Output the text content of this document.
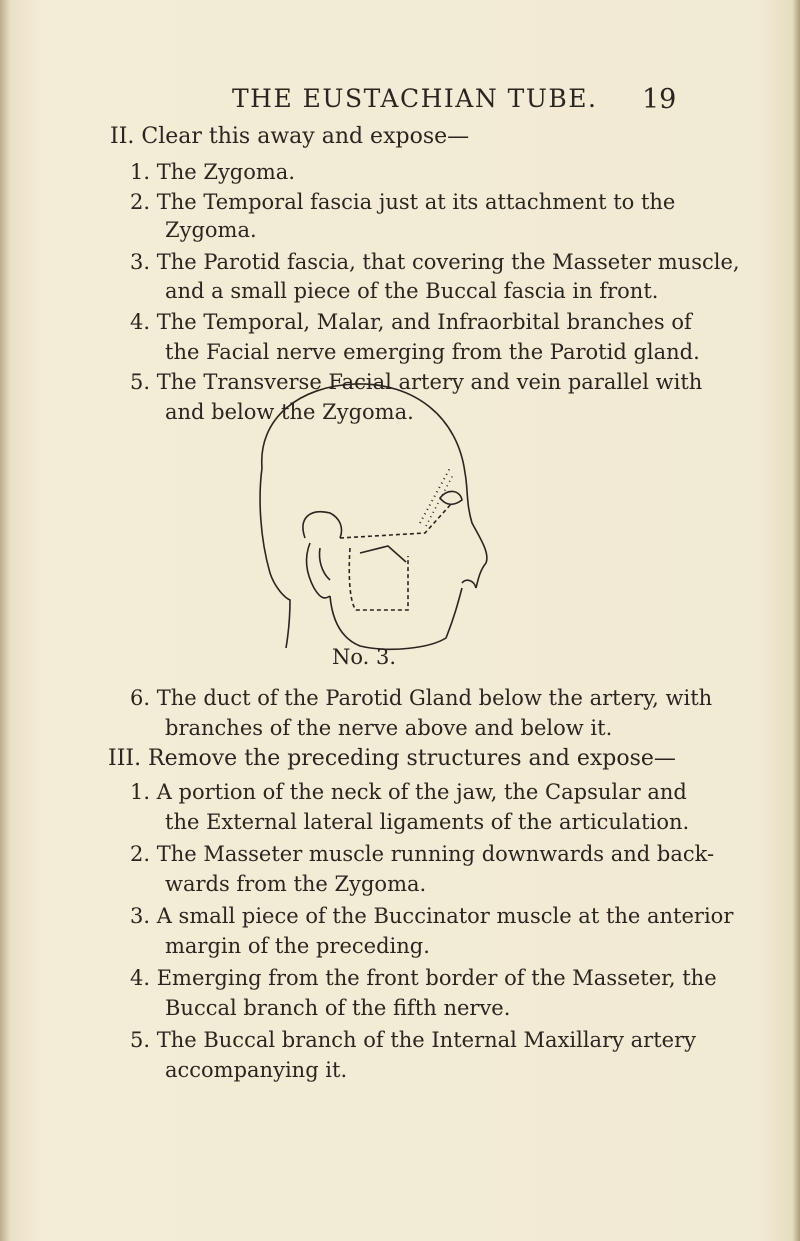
THE EUSTACHIAN TUBE. 19
II. Clear this away and expose—
1. The Zygoma.
2. The Temporal fascia just at its attachment to the
Zygoma.
3. The Parotid fascia, that covering the Masseter muscle,
and a small piece of the Buccal fascia in front.
4. The Temporal, Malar, and Infraorbital branches of
the Facial nerve emerging from the Parotid gland.
5. The Transverse Facial artery and vein parallel with
and below the Zygoma.
No. 3.
6. The duct of the Parotid Gland below the artery, with
branches of the nerve above and below it.
III. Remove the preceding structures and expose—
1. A portion of the neck of the jaw, the Capsular and
the External lateral ligaments of the articulation.
2. The Masseter muscle running downwards and back-
wards from the Zygoma.
3. A small piece of the Buccinator muscle at the anterior
margin of the preceding.
4. Emerging from the front border of the Masseter, the
Buccal branch of the fifth nerve.
5. The Buccal branch of the Internal Maxillary artery
accompanying it.
